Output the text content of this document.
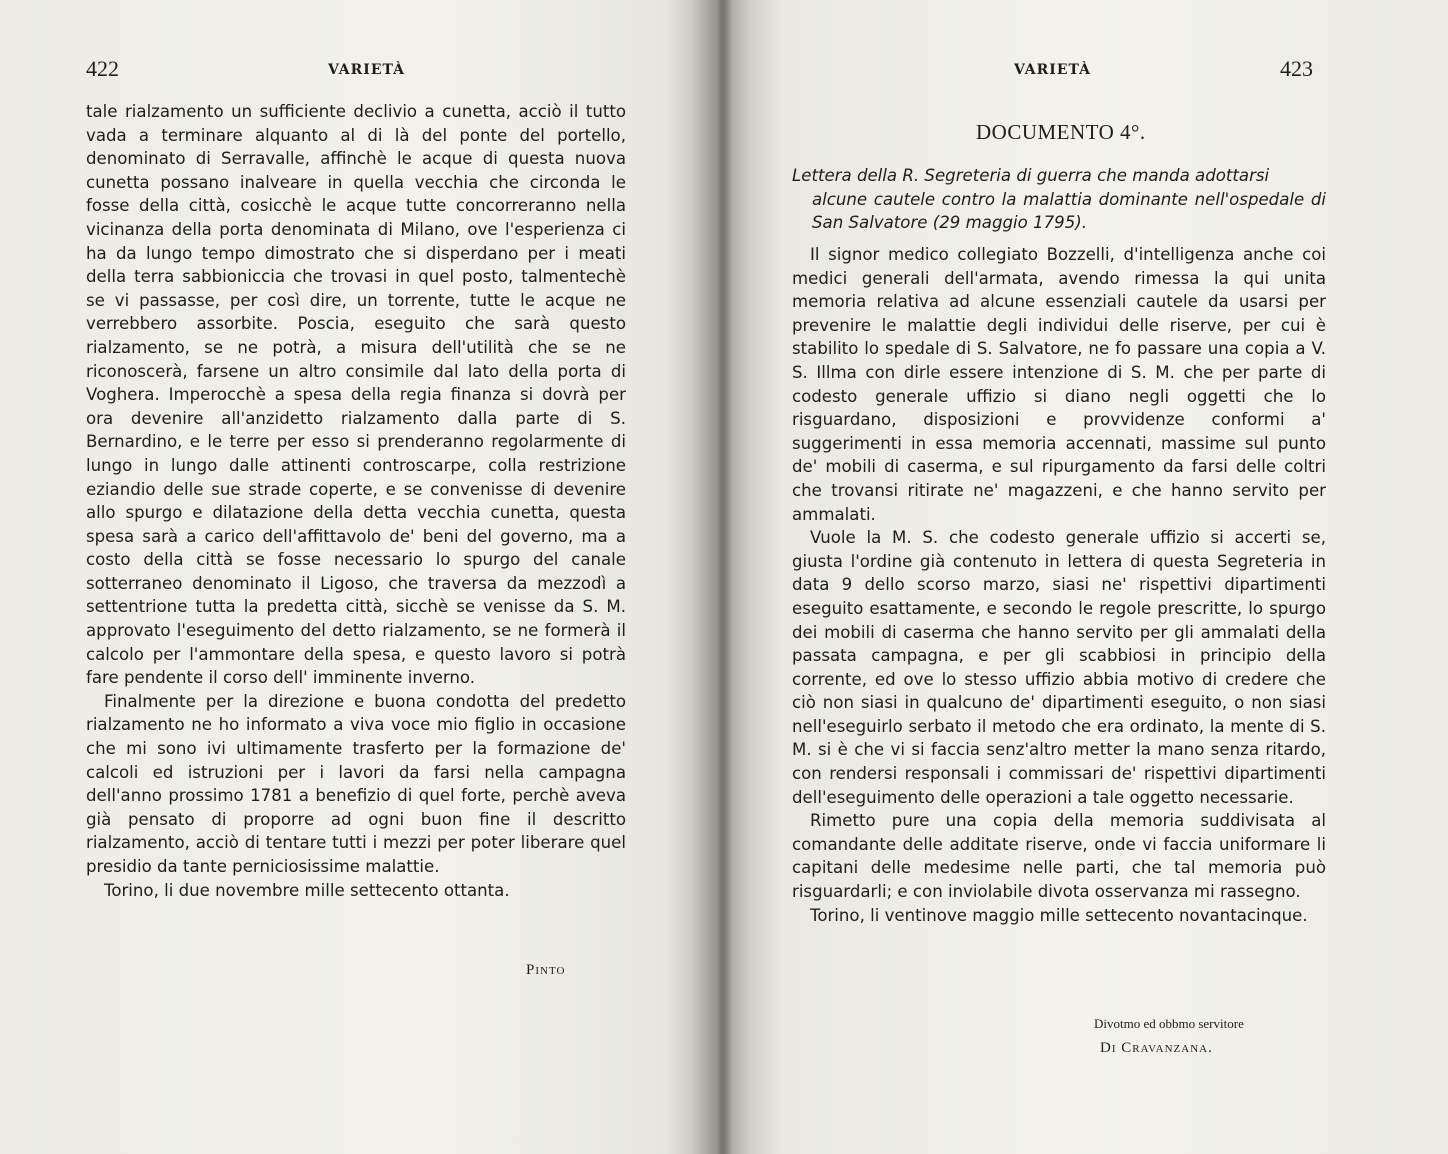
422	VARIETÀ

tale rialzamento un sufficiente declivio a cunetta, acciò il tutto vada a terminare alquanto al di là del ponte del portello, denominato di Serravalle, affinchè le acque di questa nuova cunetta possano inalveare in quella vecchia che circonda le fosse della città, cosicchè le acque tutte concorreranno nella vicinanza della porta denominata di Milano, ove l'esperienza ci ha da lungo tempo dimostrato che si disperdano per i meati della terra sabbioniccia che trovasi in quel posto, talmentechè se vi passasse, per così dire, un torrente, tutte le acque ne verrebbero assorbite. Poscia, eseguito che sarà questo rialzamento, se ne potrà, a misura dell'utilità che se ne riconoscerà, farsene un altro consimile dal lato della porta di Voghera. Imperocchè a spesa della regia finanza si dovrà per ora devenire all'anzidetto rialzamento dalla parte di S. Bernardino, e le terre per esso si prenderanno regolarmente di lungo in lungo dalle attinenti controscarpe, colla restrizione eziandio delle sue strade coperte, e se convenisse di devenire allo spurgo e dilatazione della detta vecchia cunetta, questa spesa sarà a carico dell'affittavolo de' beni del governo, ma a costo della città se fosse necessario lo spurgo del canale sotterraneo denominato il Ligoso, che traversa da mezzodì a settentrione tutta la predetta città, sicchè se venisse da S. M. approvato l'eseguimento del detto rialzamento, se ne formerà il calcolo per l'ammontare della spesa, e questo lavoro si potrà fare pendente il corso dell' imminente inverno.

Finalmente per la direzione e buona condotta del predetto rialzamento ne ho informato a viva voce mio figlio in occasione che mi sono ivi ultimamente trasferto per la formazione de' calcoli ed istruzioni per i lavori da farsi nella campagna dell'anno prossimo 1781 a benefizio di quel forte, perchè aveva già pensato di proporre ad ogni buon fine il descritto rialzamento, acciò di tentare tutti i mezzi per poter liberare quel presidio da tante perniciosissime malattie.

Torino, li due novembre mille settecento ottanta.

Pinto
VARIETÀ	423
DOCUMENTO 4°.
Lettera della R. Segreteria di guerra che manda adottarsi
alcune cautele contro la malattia dominante nell'ospedale di San Salvatore (29 maggio 1795).

Il signor medico collegiato Bozzelli, d'intelligenza anche coi medici generali dell'armata, avendo rimessa la qui unita memoria relativa ad alcune essenziali cautele da usarsi per prevenire le malattie degli individui delle riserve, per cui è stabilito lo spedale di S. Salvatore, ne fo passare una copia a V. S. Illma con dirle essere intenzione di S. M. che per parte di codesto generale uffizio si diano negli oggetti che lo risguardano, disposizioni e provvidenze conformi a' suggerimenti in essa memoria accennati, massime sul punto de' mobili di caserma, e sul ripurgamento da farsi delle coltri che trovansi ritirate ne' magazzeni, e che hanno servito per ammalati.

Vuole la M. S. che codesto generale uffizio si accerti se, giusta l'ordine già contenuto in lettera di questa Segreteria in data 9 dello scorso marzo, siasi ne' rispettivi dipartimenti eseguito esattamente, e secondo le regole prescritte, lo spurgo dei mobili di caserma che hanno servito per gli ammalati della passata campagna, e per gli scabbiosi in principio della corrente, ed ove lo stesso uffizio abbia motivo di credere che ciò non siasi in qualcuno de' dipartimenti eseguito, o non siasi nell'eseguirlo serbato il metodo che era ordinato, la mente di S. M. si è che vi si faccia senz'altro metter la mano senza ritardo, con rendersi responsali i commissari de' rispettivi dipartimenti dell'eseguimento delle operazioni a tale oggetto necessarie.

Rimetto pure una copia della memoria suddivisata al comandante delle additate riserve, onde vi faccia uniformare li capitani delle medesime nelle parti, che tal memoria può risguardarli; e con inviolabile divota osservanza mi rassegno.

Torino, li ventinove maggio mille settecento novantacinque.

Divotmo ed obbmo servitore
Di Cravanzana.
